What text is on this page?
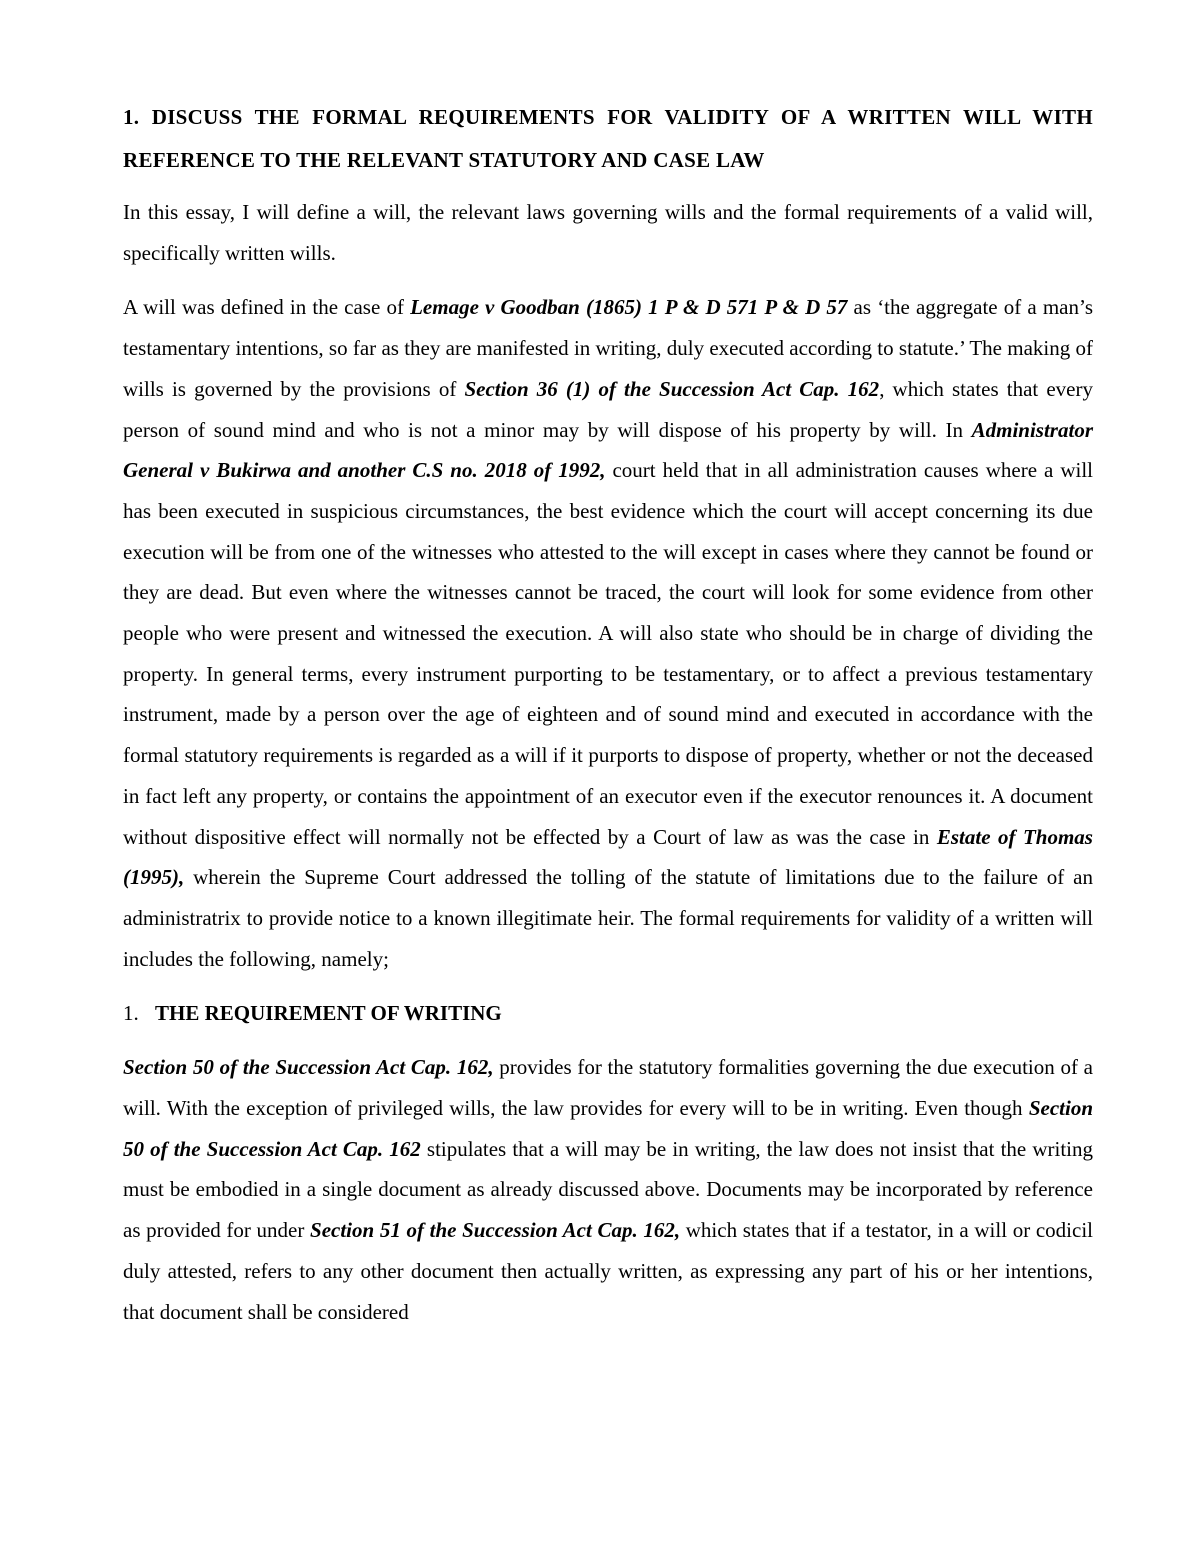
1. DISCUSS THE FORMAL REQUIREMENTS FOR VALIDITY OF A WRITTEN WILL WITH REFERENCE TO THE RELEVANT STATUTORY AND CASE LAW

In this essay, I will define a will, the relevant laws governing wills and the formal requirements of a valid will, specifically written wills.

A will was defined in the case of Lemage v Goodban (1865) 1 P & D 571 P & D 57 as ‘the aggregate of a man’s testamentary intentions, so far as they are manifested in writing, duly executed according to statute.’ The making of wills is governed by the provisions of Section 36 (1) of the Succession Act Cap. 162, which states that every person of sound mind and who is not a minor may by will dispose of his property by will. In Administrator General v Bukirwa and another C.S no. 2018 of 1992, court held that in all administration causes where a will has been executed in suspicious circumstances, the best evidence which the court will accept concerning its due execution will be from one of the witnesses who attested to the will except in cases where they cannot be found or they are dead. But even where the witnesses cannot be traced, the court will look for some evidence from other people who were present and witnessed the execution. A will also state who should be in charge of dividing the property. In general terms, every instrument purporting to be testamentary, or to affect a previous testamentary instrument, made by a person over the age of eighteen and of sound mind and executed in accordance with the formal statutory requirements is regarded as a will if it purports to dispose of property, whether or not the deceased in fact left any property, or contains the appointment of an executor even if the executor renounces it. A document without dispositive effect will normally not be effected by a Court of law as was the case in Estate of Thomas (1995), wherein the Supreme Court addressed the tolling of the statute of limitations due to the failure of an administratrix to provide notice to a known illegitimate heir. The formal requirements for validity of a written will includes the following, namely;

1. THE REQUIREMENT OF WRITING

Section 50 of the Succession Act Cap. 162, provides for the statutory formalities governing the due execution of a will. With the exception of privileged wills, the law provides for every will to be in writing. Even though Section 50 of the Succession Act Cap. 162 stipulates that a will may be in writing, the law does not insist that the writing must be embodied in a single document as already discussed above. Documents may be incorporated by reference as provided for under Section 51 of the Succession Act Cap. 162, which states that if a testator, in a will or codicil duly attested, refers to any other document then actually written, as expressing any part of his or her intentions, that document shall be considered
